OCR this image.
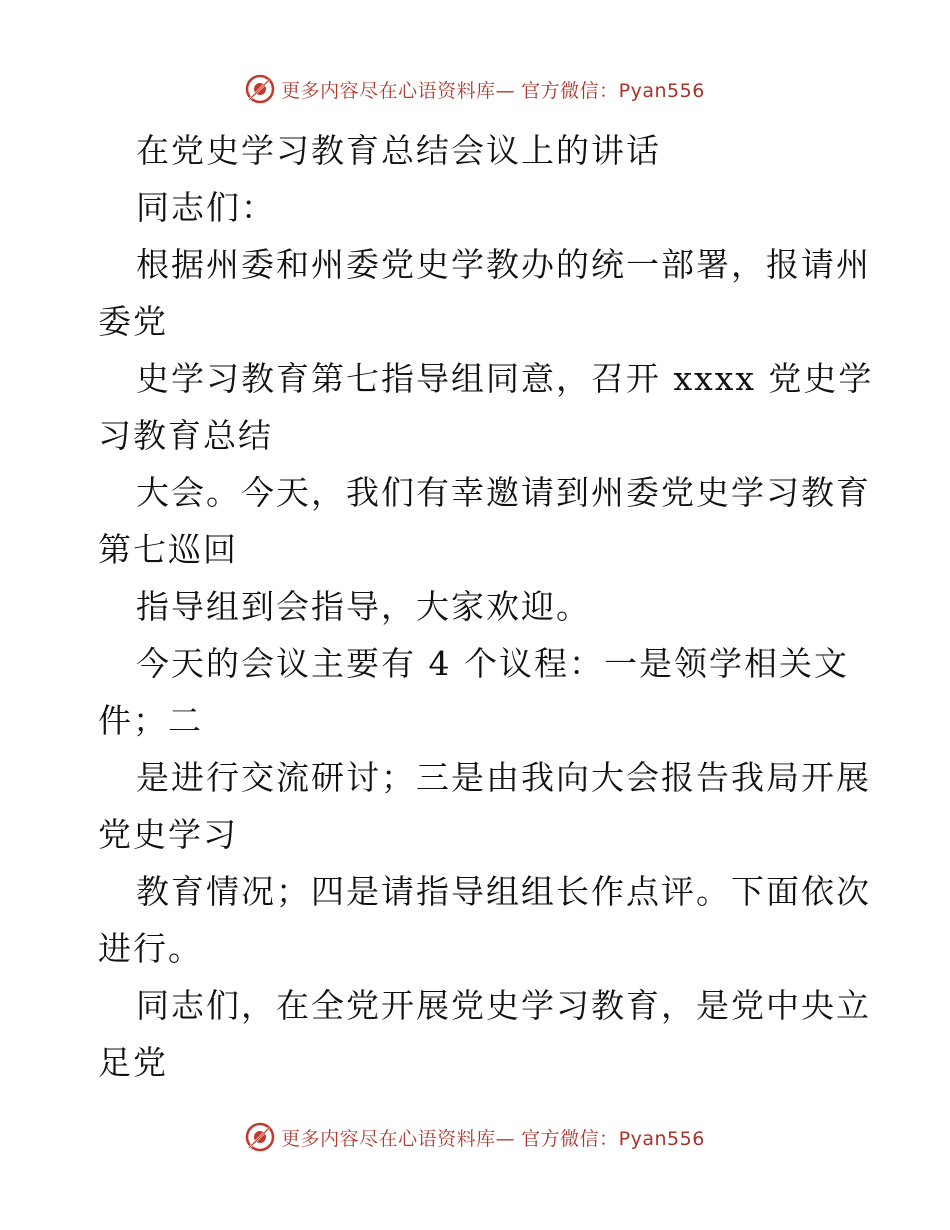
更多内容尽在心语资料库— 官方微信：Pyan556
在党史学习教育总结会议上的讲话
同志们：
根据州委和州委党史学教办的统一部署，报请州
委党
史学习教育第七指导组同意，召开 xxxx 党史学
习教育总结
大会。今天，我们有幸邀请到州委党史学习教育
第七巡回
指导组到会指导，大家欢迎。
今天的会议主要有 4 个议程：一是领学相关文
件；二
是进行交流研讨；三是由我向大会报告我局开展
党史学习
教育情况；四是请指导组组长作点评。下面依次
进行。
同志们，在全党开展党史学习教育，是党中央立
足党
更多内容尽在心语资料库— 官方微信：Pyan556
